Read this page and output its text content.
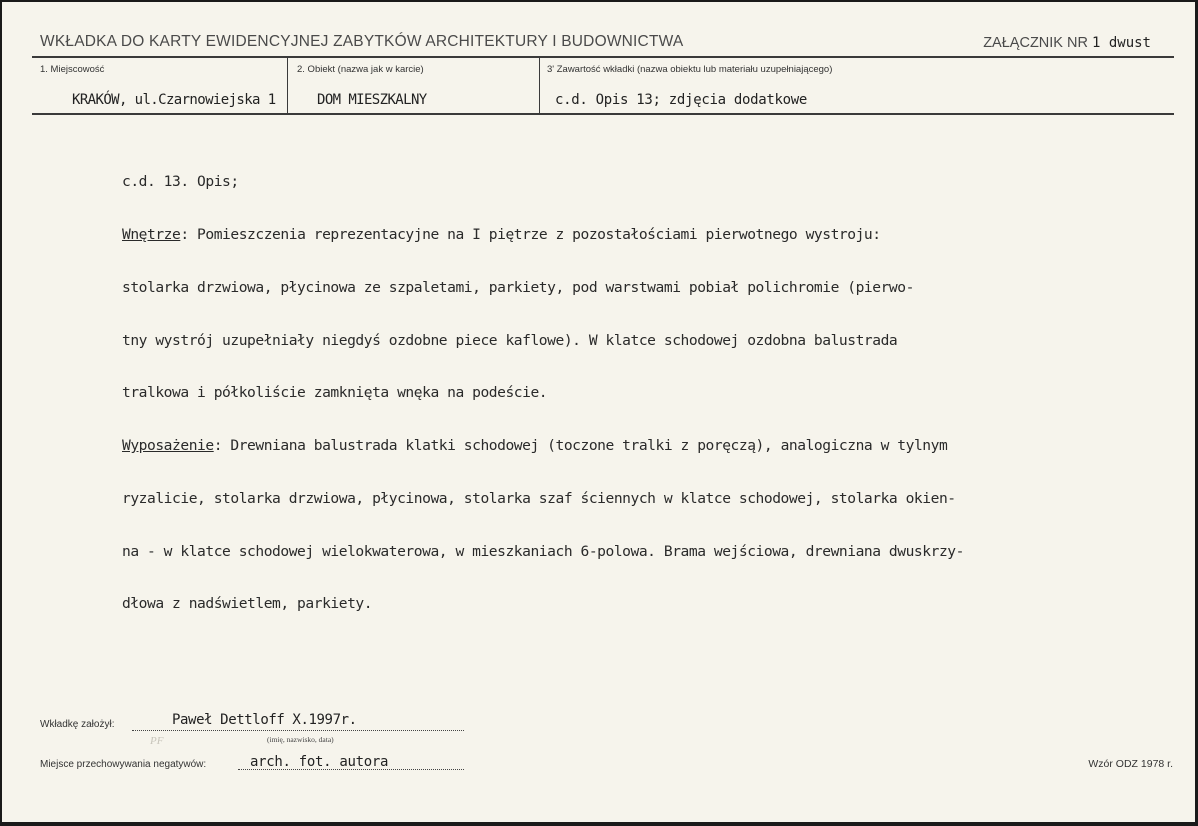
WKŁADKA DO KARTY EWIDENCYJNEJ ZABYTKÓW ARCHITEKTURY I BUDOWNICTWA	ZAŁĄCZNIK NR 1 dwust
1. Miejscowość
KRAKÓW, ul.Czarnowiejska 1
2. Obiekt (nazwa jak w karcie)
DOM MIESZKALNY
3' Zawartość wkładki (nazwa obiektu lub materiału uzupełniającego)
c.d. Opis 13; zdjęcia dodatkowe

c.d. 13. Opis;

Wnętrze: Pomieszczenia reprezentacyjne na I piętrze z pozostałościami pierwotnego wystroju:

stolarka drzwiowa, płycinowa ze szpaletami, parkiety, pod warstwami pobiał polichromie (pierwo-

tny wystrój uzupełniały niegdyś ozdobne piece kaflowe). W klatce schodowej ozdobna balustrada

tralkowa i półkoliście zamknięta wnęka na podeście.

Wyposażenie: Drewniana balustrada klatki schodowej (toczone tralki z poręczą), analogiczna w tylnym

ryzalicie, stolarka drzwiowa, płycinowa, stolarka szaf ściennych w klatce schodowej, stolarka okien-

na - w klatce schodowej wielokwaterowa, w mieszkaniach 6-polowa. Brama wejściowa, drewniana dwuskrzy-

dłowa z nadświetlem, parkiety.

Wkładkę założył:	Paweł Dettloff X.1997r.
(imię, nazwisko, data)
PF
Miejsce przechowywania negatywów:	arch. fot. autora	Wzór ODZ 1978 r.
